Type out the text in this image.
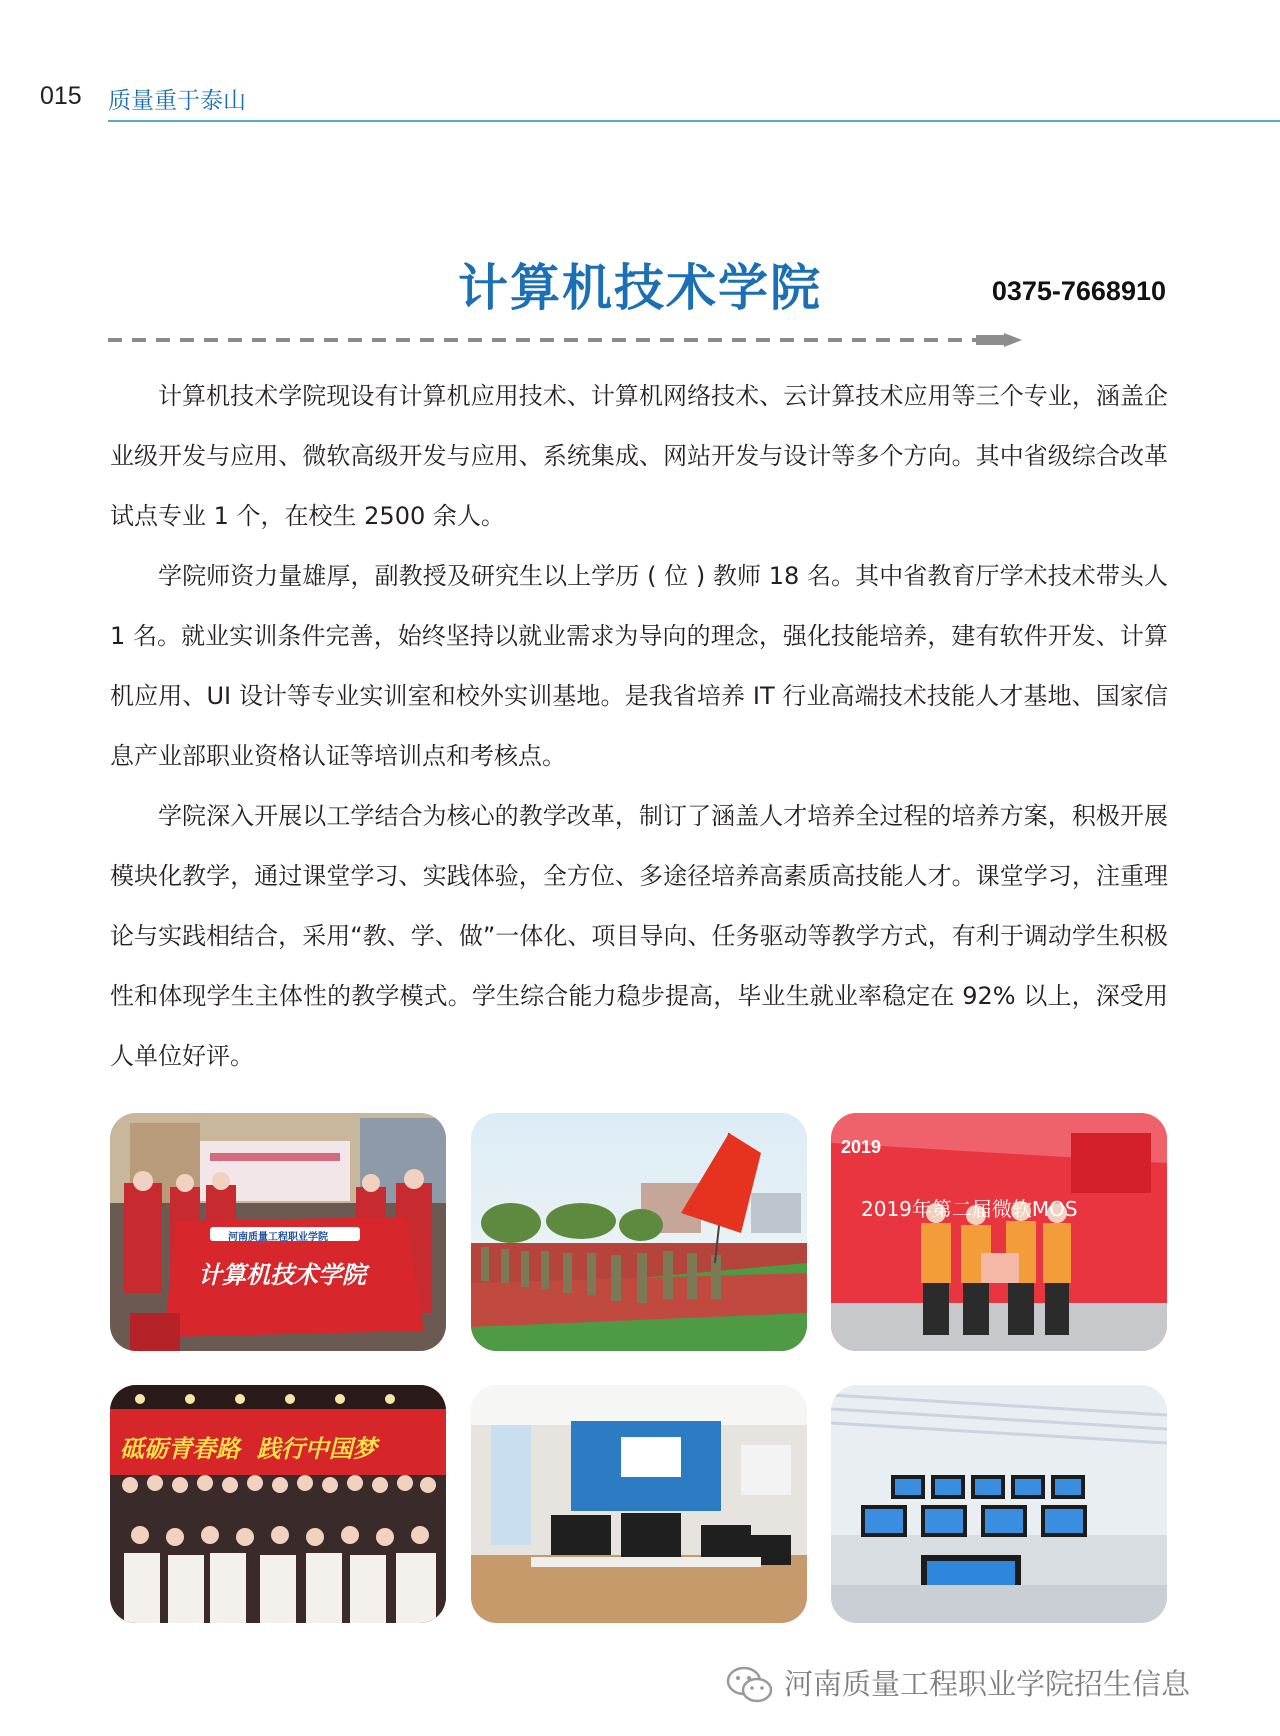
015 质量重于泰山
计算机技术学院	0375-7668910

计算机技术学院现设有计算机应用技术、计算机网络技术、云计算技术应用等三个专业，涵盖企业级开发与应用、微软高级开发与应用、系统集成、网站开发与设计等多个方向。其中省级综合改革试点专业 1 个，在校生 2500 余人。

学院师资力量雄厚，副教授及研究生以上学历 ( 位 ) 教师 18 名。其中省教育厅学术技术带头人 1 名。就业实训条件完善，始终坚持以就业需求为导向的理念，强化技能培养，建有软件开发、计算机应用、UI 设计等专业实训室和校外实训基地。是我省培养 IT 行业高端技术技能人才基地、国家信息产业部职业资格认证等培训点和考核点。

学院深入开展以工学结合为核心的教学改革，制订了涵盖人才培养全过程的培养方案，积极开展模块化教学，通过课堂学习、实践体验，全方位、多途径培养高素质高技能人才。课堂学习，注重理论与实践相结合，采用“教、学、做”一体化、项目导向、任务驱动等教学方式，有利于调动学生积极性和体现学生主体性的教学模式。学生综合能力稳步提高，毕业生就业率稳定在 92% 以上，深受用人单位好评。

河南质量工程职业学院
计算机技术学院
2019
2019年第二届微软MOS
砥砺青春路  践行中国梦
河南质量工程职业学院招生信息
